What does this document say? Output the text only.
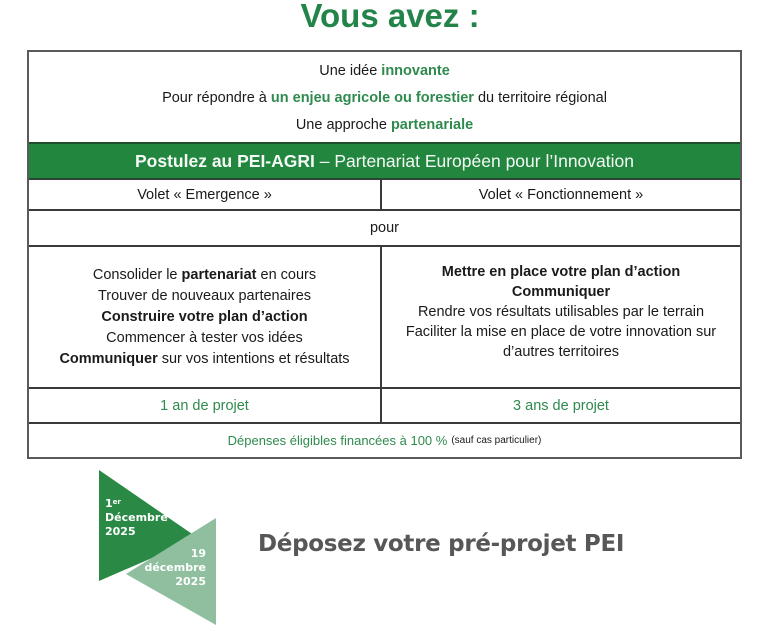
Vous avez :
Une idée innovante
Pour répondre à un enjeu agricole ou forestier du territoire régional
Une approche partenariale
Postulez au PEI-AGRI – Partenariat Européen pour l’Innovation
Volet « Emergence »	Volet « Fonctionnement »
pour
Consolider le partenariat en cours
Trouver de nouveaux partenaires
Construire votre plan d’action
Commencer à tester vos idées
Communiquer sur vos intentions et résultats
Mettre en place votre plan d’action
Communiquer
Rendre vos résultats utilisables par le terrain
Faciliter la mise en place de votre innovation sur
d’autres territoires
1 an de projet	3 ans de projet
Dépenses éligibles financées à 100 % (sauf cas particulier)
1er
Décembre
2025
19
décembre
2025
Déposez votre pré-projet PEI
